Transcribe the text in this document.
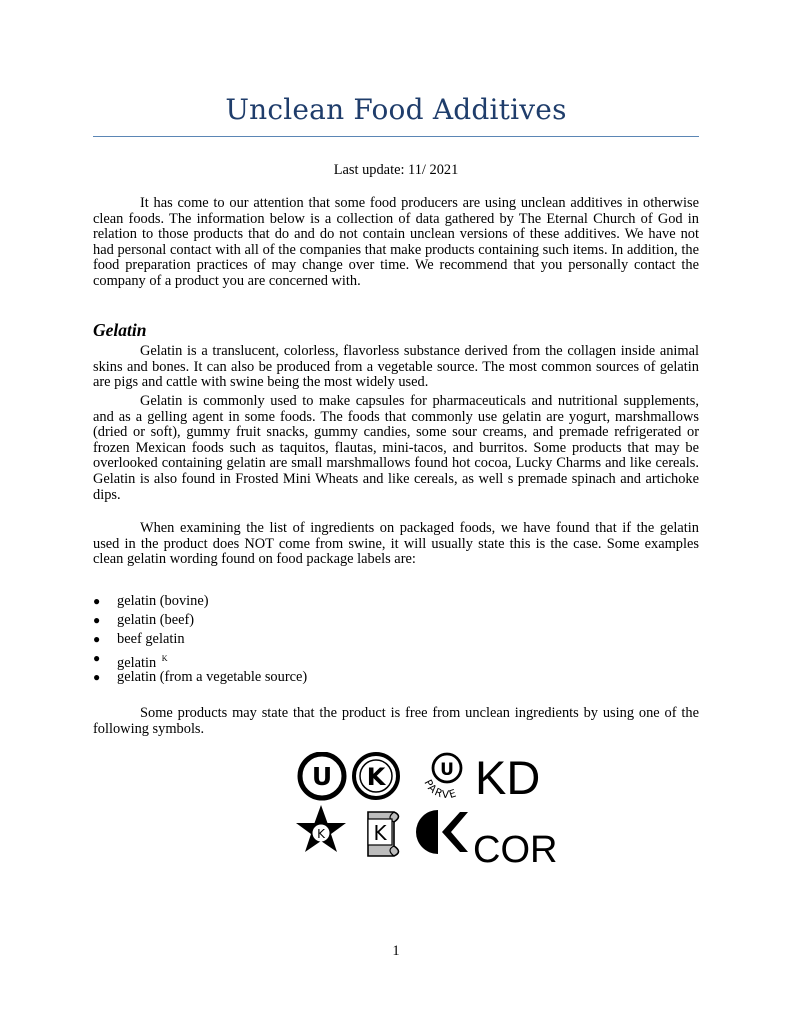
Unclean Food Additives

Last update: 11/ 2021

It has come to our attention that some food producers are using unclean additives in otherwise clean foods. The information below is a collection of data gathered by The Eternal Church of God in relation to those products that do and do not contain unclean versions of these additives. We have not had personal contact with all of the companies that make products containing such items. In addition, the food preparation practices of may change over time. We recommend that you personally contact the company of a product you are concerned with.

Gelatin

Gelatin is a translucent, colorless, flavorless substance derived from the collagen inside animal skins and bones. It can also be produced from a vegetable source. The most common sources of gelatin are pigs and cattle with swine being the most widely used.

Gelatin is commonly used to make capsules for pharmaceuticals and nutritional supplements, and as a gelling agent in some foods. The foods that commonly use gelatin are yogurt, marshmallows (dried or soft), gummy fruit snacks, gummy candies, some sour creams, and premade refrigerated or frozen Mexican foods such as taquitos, flautas, mini-tacos, and burritos. Some products that may be overlooked containing gelatin are small marshmallows found hot cocoa, Lucky Charms and like cereals. Gelatin is also found in Frosted Mini Wheats and like cereals, as well s premade spinach and artichoke dips.

When examining the list of ingredients on packaged foods, we have found that if the gelatin used in the product does NOT come from swine, it will usually state this is the case. Some examples clean gelatin wording found on food package labels are:

● gelatin (bovine)
● gelatin (beef)
● beef gelatin
● gelatin $^K$
● gelatin (from a vegetable source)

Some products may state that the product is free from unclean ingredients by using one of the following symbols.

U K	U
PARVE KD
K K COR

1
